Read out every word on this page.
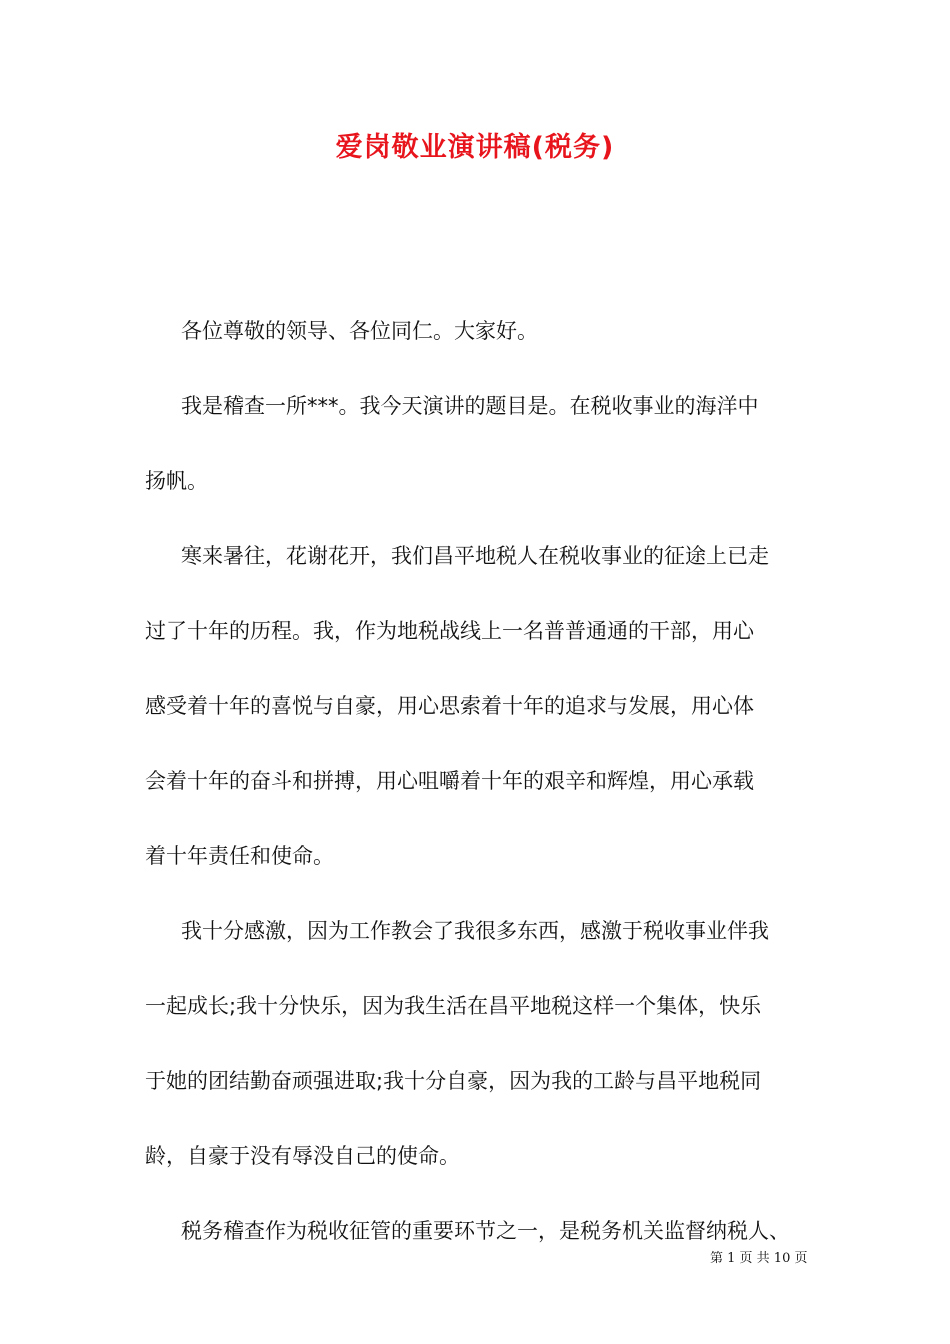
爱岗敬业演讲稿(税务)
各位尊敬的领导、各位同仁。大家好。
我是稽查一所***。我今天演讲的题目是。在税收事业的海洋中
扬帆。
寒来暑往，花谢花开，我们昌平地税人在税收事业的征途上已走
过了十年的历程。我，作为地税战线上一名普普通通的干部，用心
感受着十年的喜悦与自豪，用心思索着十年的追求与发展，用心体
会着十年的奋斗和拼搏，用心咀嚼着十年的艰辛和辉煌，用心承载
着十年责任和使命。
我十分感激，因为工作教会了我很多东西，感激于税收事业伴我
一起成长;我十分快乐，因为我生活在昌平地税这样一个集体，快乐
于她的团结勤奋顽强进取;我十分自豪，因为我的工龄与昌平地税同
龄，自豪于没有辱没自己的使命。
税务稽查作为税收征管的重要环节之一，是税务机关监督纳税人、
第 1 页 共 10 页
